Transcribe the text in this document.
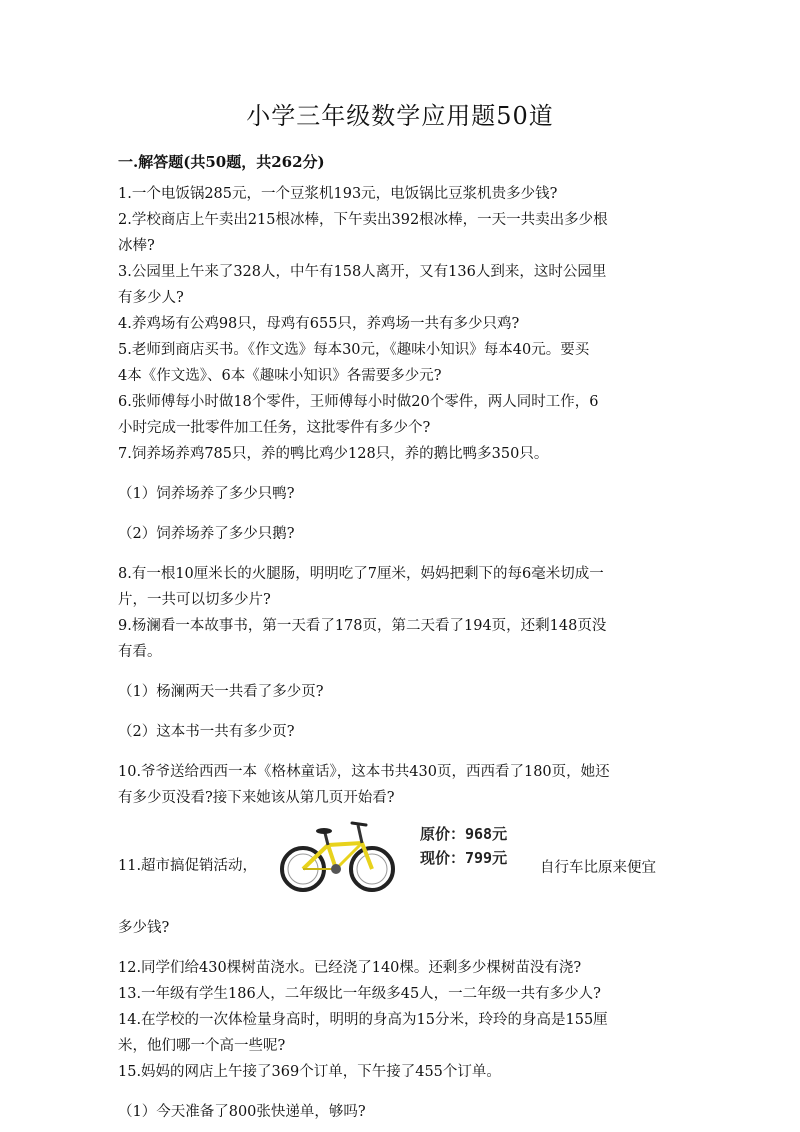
小学三年级数学应用题50道
一.解答题(共50题，共262分)

1.一个电饭锅285元，一个豆浆机193元，电饭锅比豆浆机贵多少钱?

2.学校商店上午卖出215根冰棒，下午卖出392根冰棒，一天一共卖出多少根

冰棒?

3.公园里上午来了328人，中午有158人离开，又有136人到来，这时公园里

有多少人?

4.养鸡场有公鸡98只，母鸡有655只，养鸡场一共有多少只鸡?

5.老师到商店买书。《作文选》每本30元，《趣味小知识》每本40元。要买

4本《作文选》、6本《趣味小知识》各需要多少元?

6.张师傅每小时做18个零件，王师傅每小时做20个零件，两人同时工作，6

小时完成一批零件加工任务，这批零件有多少个?

7.饲养场养鸡785只，养的鸭比鸡少128只，养的鹅比鸭多350只。

（1）饲养场养了多少只鸭?

（2）饲养场养了多少只鹅?

8.有一根10厘米长的火腿肠，明明吃了7厘米，妈妈把剩下的每6毫米切成一

片，一共可以切多少片?

9.杨澜看一本故事书，第一天看了178页，第二天看了194页，还剩148页没

有看。

（1）杨澜两天一共看了多少页?

（2）这本书一共有多少页?

10.爷爷送给西西一本《格林童话》，这本书共430页，西西看了180页，她还

有多少页没看?接下来她该从第几页开始看?

11.超市搞促销活动，
原价：968元
现价：799元
自行车比原来便宜

多少钱?

12.同学们给430棵树苗浇水。已经浇了140棵。还剩多少棵树苗没有浇?

13.一年级有学生186人，二年级比一年级多45人，一二年级一共有多少人?

14.在学校的一次体检量身高时，明明的身高为15分米，玲玲的身高是155厘

米，他们哪一个高一些呢?

15.妈妈的网店上午接了369个订单，下午接了455个订单。

（1）今天准备了800张快递单，够吗?
